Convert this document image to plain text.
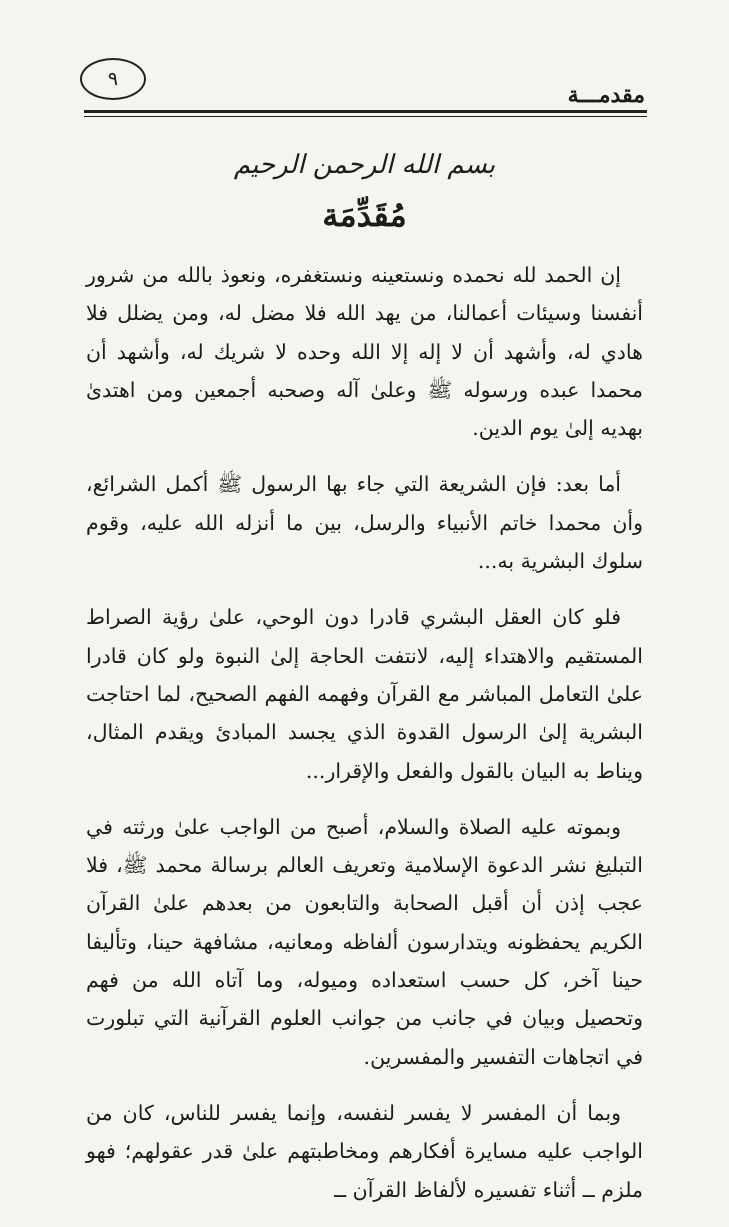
٩
مقدمـــة
بسم الله الرحمن الرحيم
مُقَدِّمَة

إن الحمد لله نحمده ونستعينه ونستغفره، ونعوذ بالله من شرور أنفسنا وسيئات أعمالنا، من يهد الله فلا مضل له، ومن يضلل فلا هادي له، وأشهد أن لا إله إلا الله وحده لا شريك له، وأشهد أن محمدا عبده ورسوله ﷺ وعلىٰ آله وصحبه أجمعين ومن اهتدىٰ بهديه إلىٰ يوم الدين.

أما بعد: فإن الشريعة التي جاء بها الرسول ﷺ أكمل الشرائع، وأن محمدا خاتم الأنبياء والرسل، بين ما أنزله الله عليه، وقوم سلوك البشرية به...

فلو كان العقل البشري قادرا دون الوحي، علىٰ رؤية الصراط المستقيم والاهتداء إليه، لانتفت الحاجة إلىٰ النبوة ولو كان قادرا علىٰ التعامل المباشر مع القرآن وفهمه الفهم الصحيح، لما احتاجت البشرية إلىٰ الرسول القدوة الذي يجسد المبادئ ويقدم المثال، ويناط به البيان بالقول والفعل والإقرار...

وبموته عليه الصلاة والسلام، أصبح من الواجب علىٰ ورثته في التبليغ نشر الدعوة الإسلامية وتعريف العالم برسالة محمد ﷺ، فلا عجب إذن أن أقبل الصحابة والتابعون من بعدهم علىٰ القرآن الكريم يحفظونه ويتدارسون ألفاظه ومعانيه، مشافهة حينا، وتأليفا حينا آخر، كل حسب استعداده وميوله، وما آتاه الله من فهم وتحصيل وبيان في جانب من جوانب العلوم القرآنية التي تبلورت في اتجاهات التفسير والمفسرين.

وبما أن المفسر لا يفسر لنفسه، وإنما يفسر للناس، كان من الواجب عليه مسايرة أفكارهم ومخاطبتهم علىٰ قدر عقولهم؛ فهو ملزم ــ أثناء تفسيره لألفاظ القرآن ــ
